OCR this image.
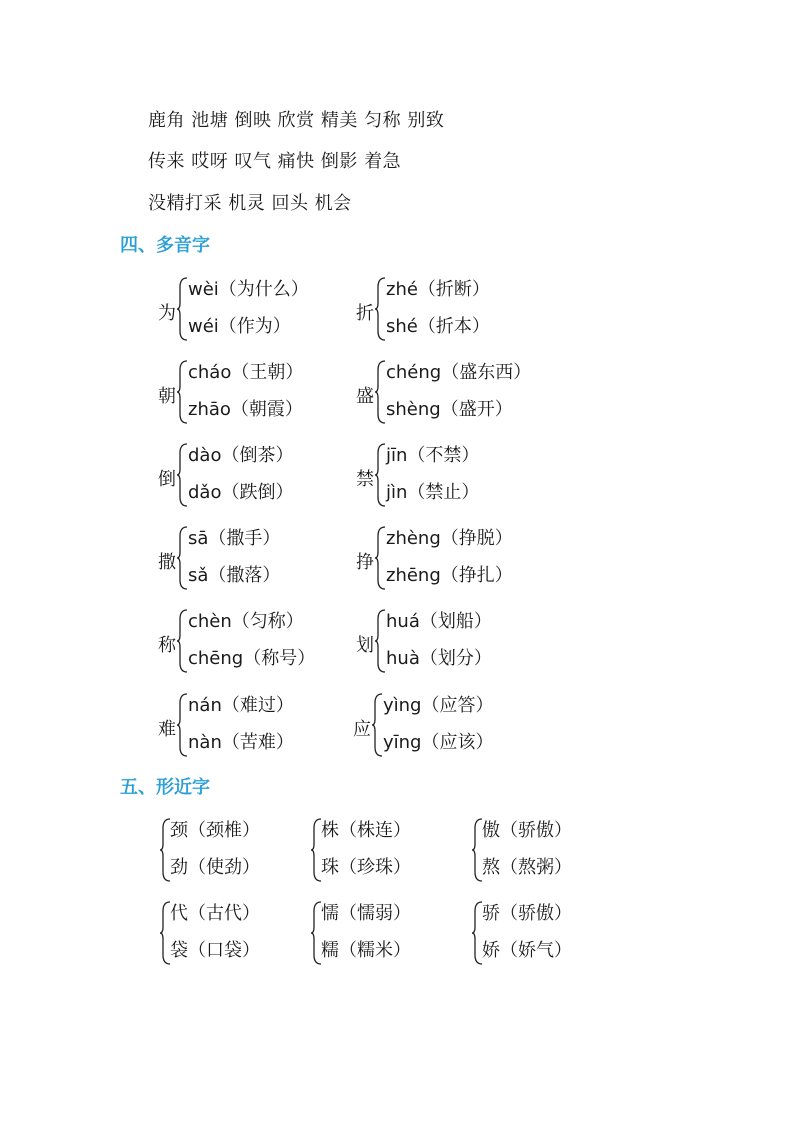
鹿角 池塘 倒映 欣赏 精美 匀称 别致
传来 哎呀 叹气 痛快 倒影 着急
没精打采 机灵 回头 机会
四、多音字
为
wèi（为什么）
wéi（作为）
折
zhé（折断）
shé（折本）
朝
cháo（王朝）
zhāo（朝霞）
盛
chéng（盛东西）
shèng（盛开）
倒
dào（倒茶）
dǎo（跌倒）
禁
jīn（不禁）
jìn（禁止）
撒
sā（撒手）
sǎ（撒落）
挣
zhèng（挣脱）
zhēng（挣扎）
称
chèn（匀称）
chēng（称号）
划
huá（划船）
huà（划分）
难
nán（难过）
nàn（苦难）
应
yìng（应答）
yīng（应该）
五、形近字
颈（颈椎）
劲（使劲）
株（株连）
珠（珍珠）
傲（骄傲）
熬（熬粥）
代（古代）
袋（口袋）
懦（懦弱）
糯（糯米）
骄（骄傲）
娇（娇气）
